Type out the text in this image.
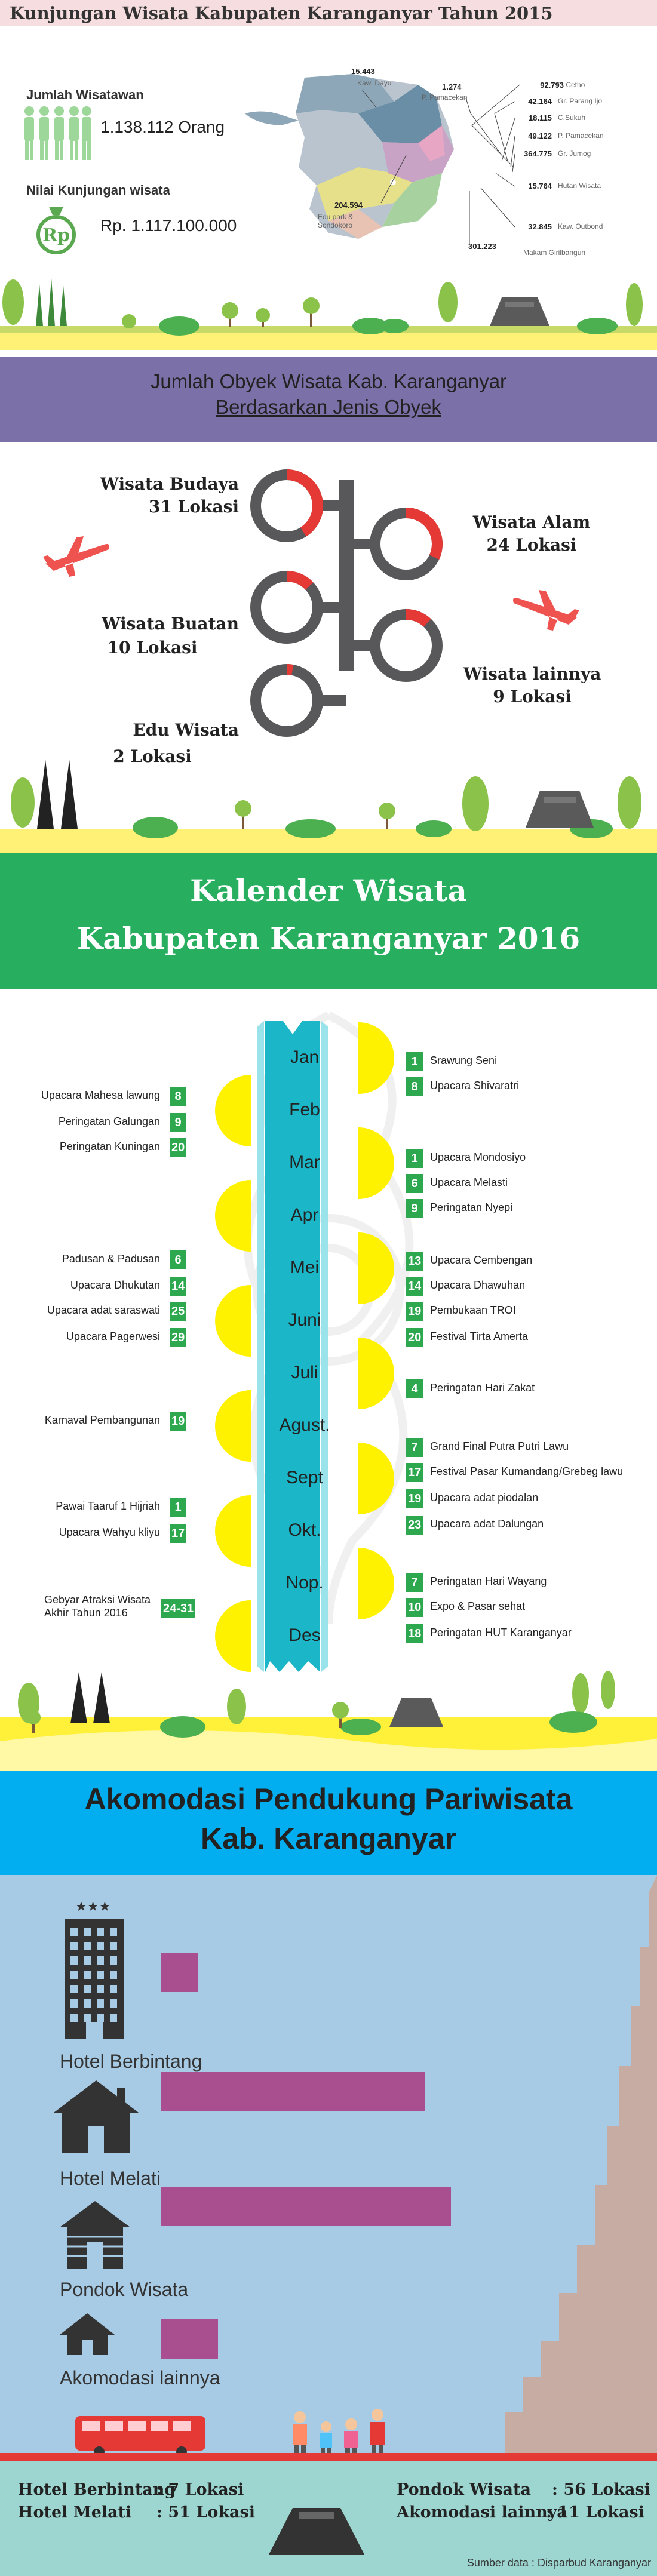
Kunjungan Wisata Kabupaten Karanganyar Tahun 2015
Jumlah Wisatawan
1.138.112 Orang
Nilai Kunjungan wisata
Rp Rp. 1.117.100.000
15.443
Kaw. Dayu	1.274
P. Pamacekan
204.594
Edu park & Sondokoro
301.223
Makam Girilbangun
92.793
C. Cetho
42.164 Gr. Parang Ijo
18.115 C.Sukuh
49.122 P. Pamacekan
364.775 Gr. Jumog
15.764 Hutan Wisata
32.845 Kaw. Outbond
Jumlah Obyek Wisata Kab. Karanganyar
Berdasarkan Jenis Obyek
Wisata Budaya
31 Lokasi
Wisata Alam
24 Lokasi
Wisata Buatan
10 Lokasi
Wisata lainnya
9 Lokasi
Edu Wisata
2 Lokasi
Kalender Wisata
Kabupaten Karanganyar 2016
Jan
Feb
Mar
Apr
Mei
Juni
Juli
Agust.
Sept
Okt.
Nop.
Des
Upacara Mahesa lawung	8
Peringatan Galungan	9
Peringatan Kuningan 20
Padusan & Padusan	6
Upacara Dhukutan 14
Upacara adat saraswati 25
Upacara Pagerwesi 29
Karnaval Pembangunan 19
Pawai Taaruf 1 Hijriah	1
Upacara Wahyu kliyu 17
Gebyar Atraksi Wisata
Akhir Tahun 2016	24-31
1	Srawung Seni
8	Upacara Shivaratri
1	Upacara Mondosiyo
6	Upacara Melasti
9	Peringatan Nyepi
13 Upacara Cembengan
14 Upacara Dhawuhan
19 Pembukaan TROI
20 Festival Tirta Amerta
4	Peringatan Hari Zakat
7	Grand Final Putra Putri Lawu
17 Festival Pasar Kumandang/Grebeg lawu
19 Upacara adat piodalan
23 Upacara adat Dalungan
7	Peringatan Hari Wayang
10 Expo & Pasar sehat
18 Peringatan HUT Karanganyar
Akomodasi Pendukung Pariwisata
Kab. Karanganyar
★★★
Hotel Berbintang
Hotel Melati
Pondok Wisata
Akomodasi lainnya
Hotel Berbintang
: 7 Lokasi
Hotel Melati : 51 Lokasi
Pondok Wisata : 56 Lokasi
Akomodasi lainnya
: 11 Lokasi
Sumber data : Disparbud Karanganyar
